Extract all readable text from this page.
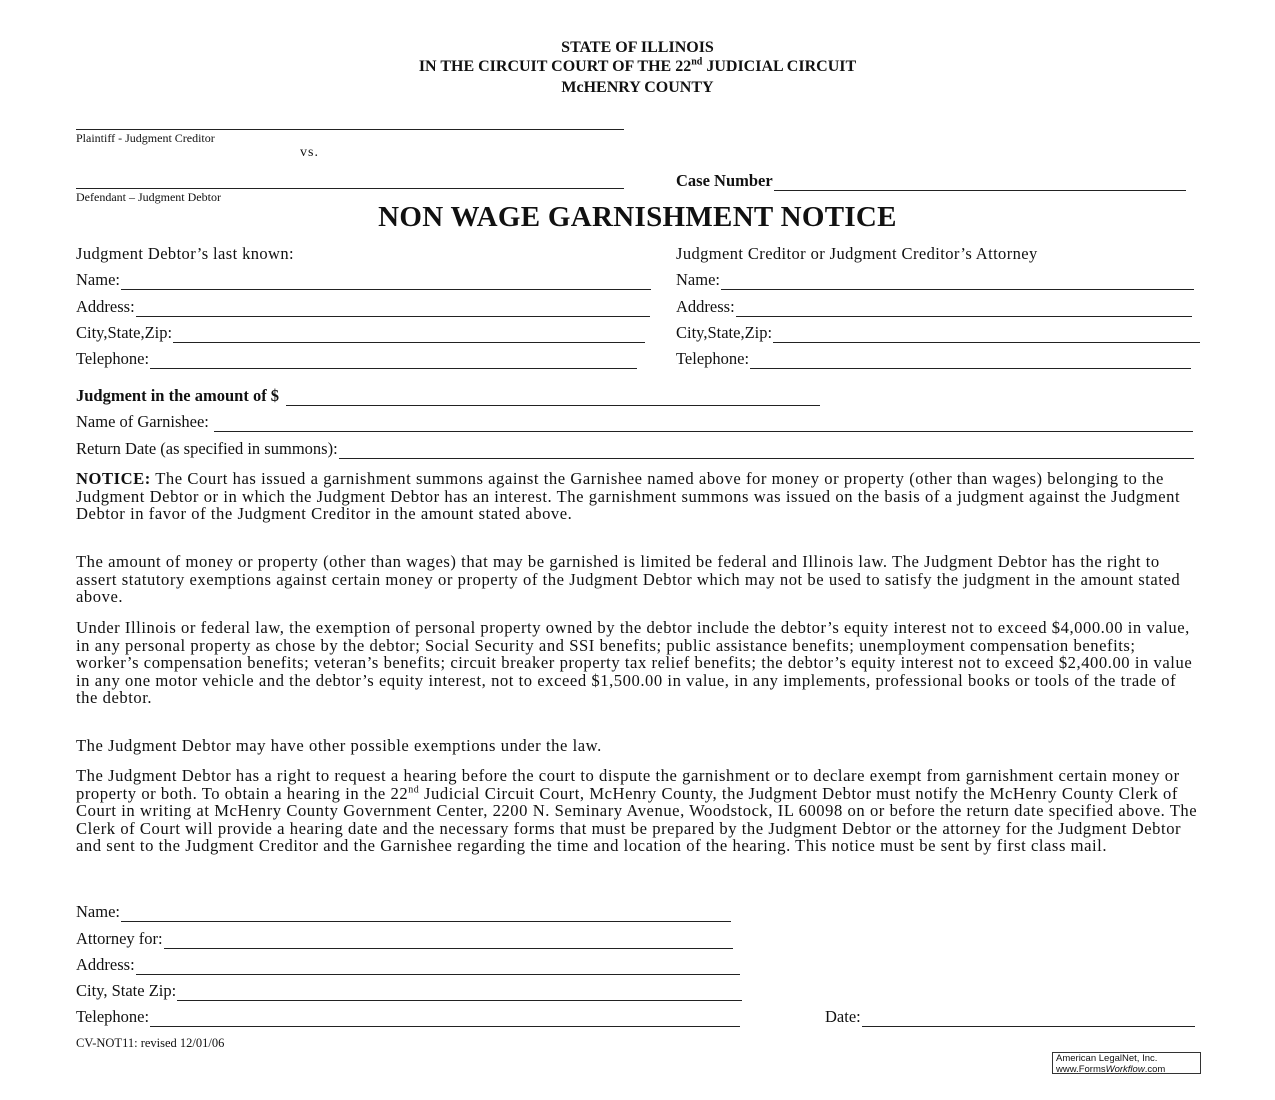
STATE OF ILLINOIS
IN THE CIRCUIT COURT OF THE 22nd JUDICIAL CIRCUIT
McHENRY COUNTY
Plaintiff - Judgment Creditor
vs.
Defendant – Judgment Debtor
Case Number
NON WAGE GARNISHMENT NOTICE
Judgment Debtor’s last known:
Name:
Address:
City,State,Zip:
Telephone:
Judgment Creditor or Judgment Creditor’s Attorney
Name:
Address:
City,State,Zip:
Telephone:
Judgment in the amount of $
Name of Garnishee:
Return Date (as specified in summons):
NOTICE: The Court has issued a garnishment summons against the Garnishee named above for money or property (other than wages) belonging to the Judgment Debtor or in which the Judgment Debtor has an interest. The garnishment summons was issued on the basis of a judgment against the Judgment Debtor in favor of the Judgment Creditor in the amount stated above.
The amount of money or property (other than wages) that may be garnished is limited be federal and Illinois law. The Judgment Debtor has the right to assert statutory exemptions against certain money or property of the Judgment Debtor which may not be used to satisfy the judgment in the amount stated above.
Under Illinois or federal law, the exemption of personal property owned by the debtor include the debtor’s equity interest not to exceed $4,000.00 in value, in any personal property as chose by the debtor; Social Security and SSI benefits; public assistance benefits; unemployment compensation benefits; worker’s compensation benefits; veteran’s benefits; circuit breaker property tax relief benefits; the debtor’s equity interest not to exceed $2,400.00 in value in any one motor vehicle and the debtor’s equity interest, not to exceed $1,500.00 in value, in any implements, professional books or tools of the trade of the debtor.
The Judgment Debtor may have other possible exemptions under the law.
The Judgment Debtor has a right to request a hearing before the court to dispute the garnishment or to declare exempt from garnishment certain money or property or both. To obtain a hearing in the 22nd Judicial Circuit Court, McHenry County, the Judgment Debtor must notify the McHenry County Clerk of Court in writing at McHenry County Government Center, 2200 N. Seminary Avenue, Woodstock, IL 60098 on or before the return date specified above. The Clerk of Court will provide a hearing date and the necessary forms that must be prepared by the Judgment Debtor or the attorney for the Judgment Debtor and sent to the Judgment Creditor and the Garnishee regarding the time and location of the hearing. This notice must be sent by first class mail.
Name:
Attorney for:
Address:
City, State Zip:
Telephone:	Date:
CV-NOT11: revised 12/01/06
American LegalNet, Inc.
www.FormsWorkflow.com
